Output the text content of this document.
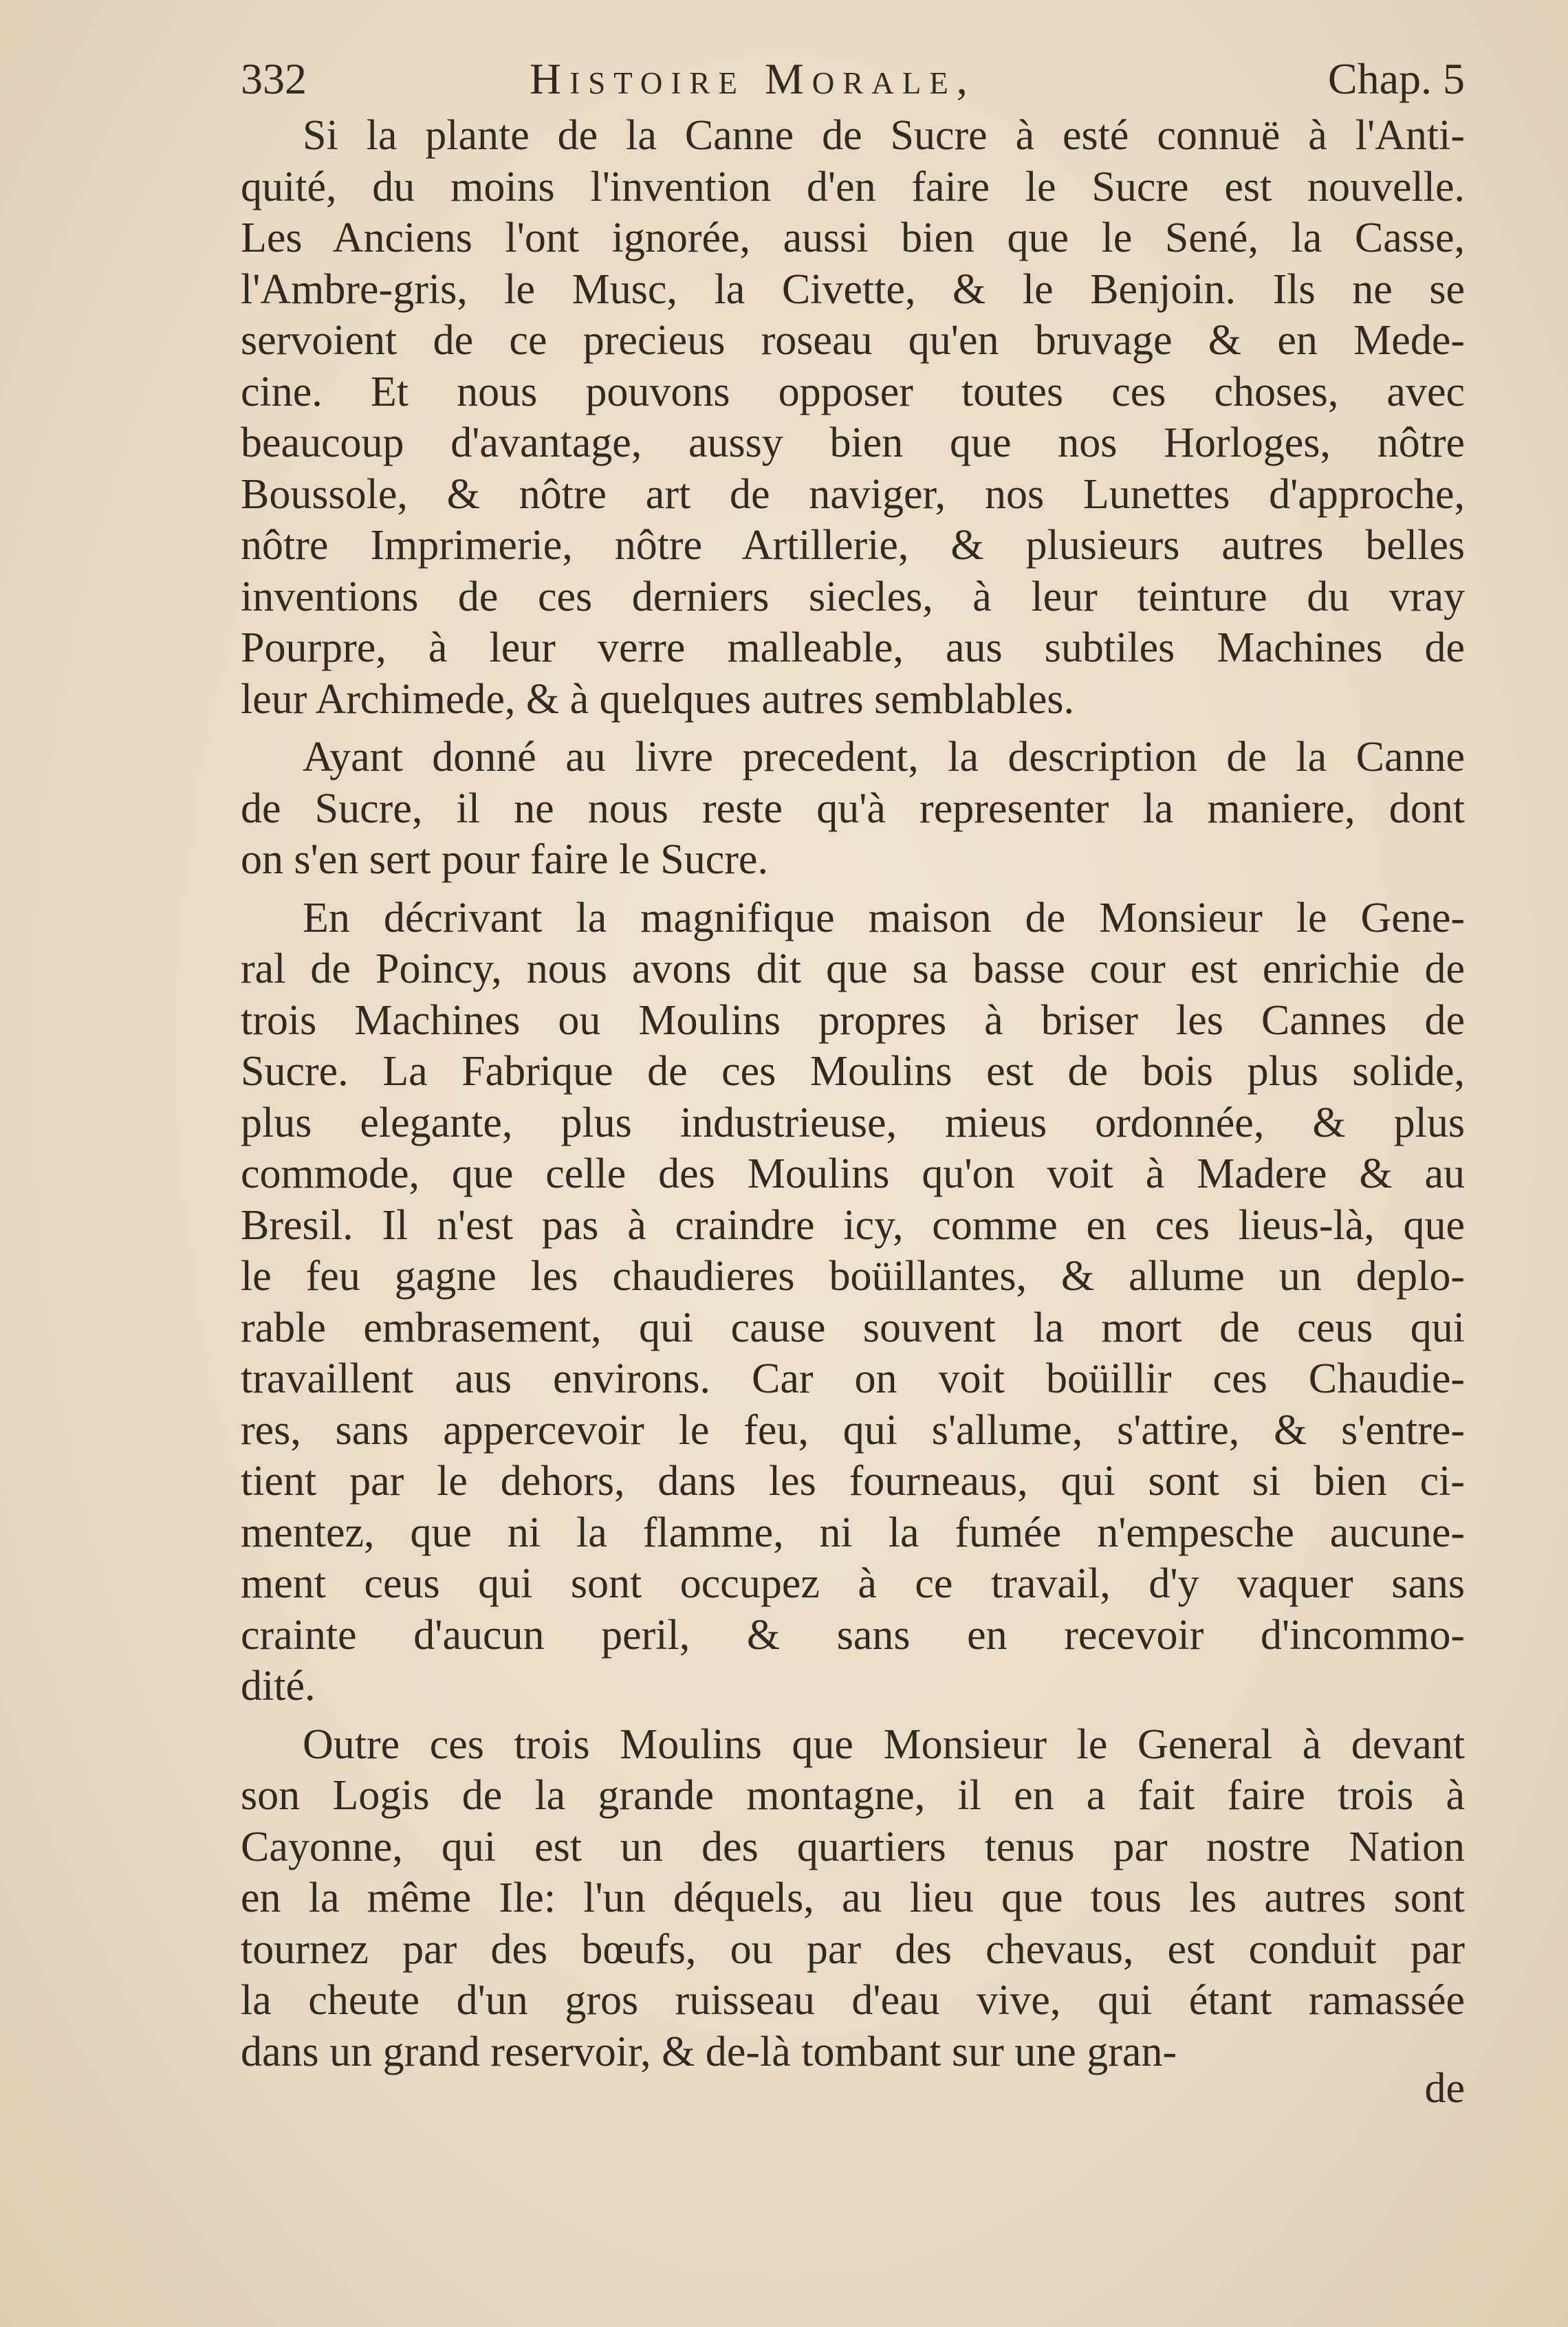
332	Histoire Morale,	Chap. 5
Si la plante de la Canne de Sucre à esté connuë à l'Anti-
quité, du moins l'invention d'en faire le Sucre est nouvelle.
Les Anciens l'ont ignorée, aussi bien que le Sené, la Casse,
l'Ambre-gris, le Musc, la Civette, & le Benjoin. Ils ne se
servoient de ce precieus roseau qu'en bruvage & en Mede-
cine. Et nous pouvons opposer toutes ces choses, avec
beaucoup d'avantage, aussy bien que nos Horloges, nôtre
Boussole, & nôtre art de naviger, nos Lunettes d'approche,
nôtre Imprimerie, nôtre Artillerie, & plusieurs autres belles
inventions de ces derniers siecles, à leur teinture du vray
Pourpre, à leur verre malleable, aus subtiles Machines de
leur Archimede, & à quelques autres semblables.
Ayant donné au livre precedent, la description de la Canne
de Sucre, il ne nous reste qu'à representer la maniere, dont
on s'en sert pour faire le Sucre.
En décrivant la magnifique maison de Monsieur le Gene-
ral de Poincy, nous avons dit que sa basse cour est enrichie de
trois Machines ou Moulins propres à briser les Cannes de
Sucre. La Fabrique de ces Moulins est de bois plus solide,
plus elegante, plus industrieuse, mieus ordonnée, & plus
commode, que celle des Moulins qu'on voit à Madere & au
Bresil. Il n'est pas à craindre icy, comme en ces lieus-là, que
le feu gagne les chaudieres boüillantes, & allume un deplo-
rable embrasement, qui cause souvent la mort de ceus qui
travaillent aus environs. Car on voit boüillir ces Chaudie-
res, sans appercevoir le feu, qui s'allume, s'attire, & s'entre-
tient par le dehors, dans les fourneaus, qui sont si bien ci-
mentez, que ni la flamme, ni la fumée n'empesche aucune-
ment ceus qui sont occupez à ce travail, d'y vaquer sans
crainte d'aucun peril, & sans en recevoir d'incommo-
dité.
Outre ces trois Moulins que Monsieur le General à devant
son Logis de la grande montagne, il en a fait faire trois à
Cayonne, qui est un des quartiers tenus par nostre Nation
en la même Ile: l'un déquels, au lieu que tous les autres sont
tournez par des bœufs, ou par des chevaus, est conduit par
la cheute d'un gros ruisseau d'eau vive, qui étant ramassée
dans un grand reservoir, & de-là tombant sur une gran-
de
